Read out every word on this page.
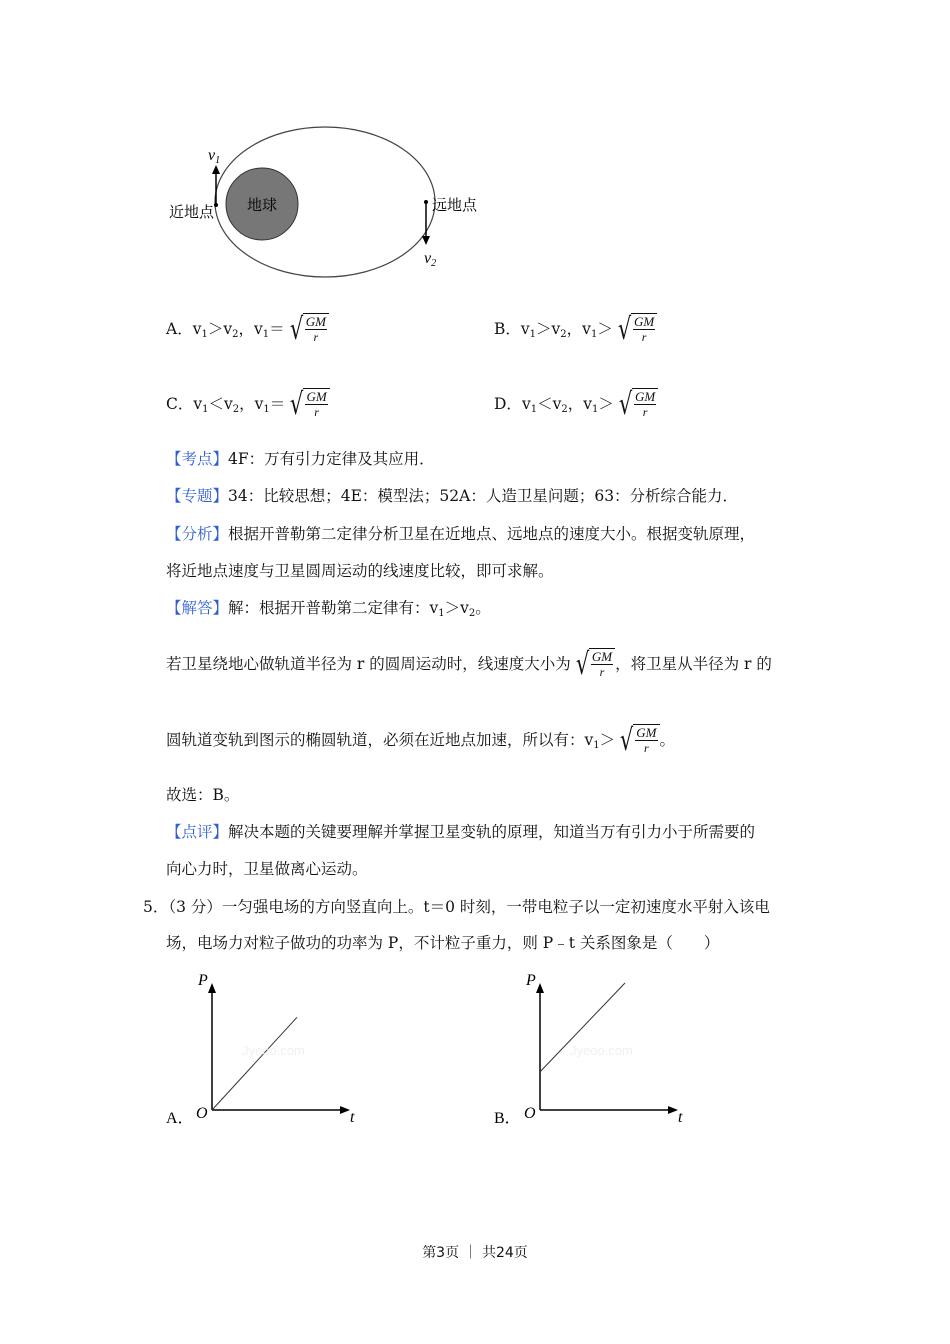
地球
v1
v2
近地点	远地点
A．$v_1>v_2$，$v_1=$ √ $\frac{GM}{r}$	B．$v_1>v_2$，$v_1>$ √ $\frac{GM}{r}$
C．$v_1<v_2$，$v_1=$ √ $\frac{GM}{r}$	D．$v_1<v_2$，$v_1>$ √ $\frac{GM}{r}$
【考点】4F：万有引力定律及其应用．
【专题】34：比较思想；4E：模型法；52A：人造卫星问题；63：分析综合能力．
【分析】根据开普勒第二定律分析卫星在近地点、远地点的速度大小。根据变轨原理，
将近地点速度与卫星圆周运动的线速度比较，即可求解。
【解答】解：根据开普勒第二定律有：$v_1>v_2$。
若卫星绕地心做轨道半径为 r 的圆周运动时，线速度大小为 √ $\frac{GM}{r}$ ，将卫星从半径为 r 的
圆轨道变轨到图示的椭圆轨道，必须在近地点加速，所以有：$v_1>$ √ $\frac{GM}{r}$ 。
故选：B。
【点评】解决本题的关键要理解并掌握卫星变轨的原理，知道当万有引力小于所需要的
向心力时，卫星做离心运动。
5．（3 分）一匀强电场的方向竖直向上。t＝0 时刻，一带电粒子以一定初速度水平射入该电
场，电场力对粒子做功的功率为 P，不计粒子重力，则 P﹣t 关系图象是（　　）
Jyeoo.com
P
t
O
A．
Jyeoo.com
P
t
O
B．
第3页 ｜ 共24页
